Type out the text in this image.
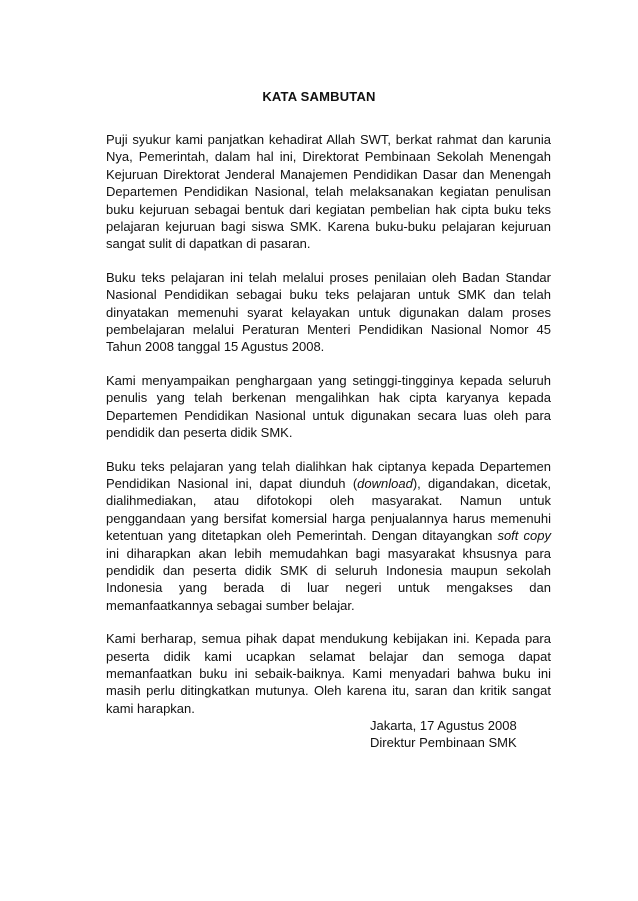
KATA SAMBUTAN

Puji syukur kami panjatkan kehadirat Allah SWT, berkat rahmat dan karunia Nya, Pemerintah, dalam hal ini, Direktorat Pembinaan Sekolah Menengah Kejuruan Direktorat Jenderal Manajemen Pendidikan Dasar dan Menengah Departemen Pendidikan Nasional, telah melaksanakan kegiatan penulisan buku kejuruan sebagai bentuk dari kegiatan pembelian hak cipta buku teks pelajaran kejuruan bagi siswa SMK. Karena buku-buku pelajaran kejuruan sangat sulit di dapatkan di pasaran.

Buku teks pelajaran ini telah melalui proses penilaian oleh Badan Standar Nasional Pendidikan sebagai buku teks pelajaran untuk SMK dan telah dinyatakan memenuhi syarat kelayakan untuk digunakan dalam proses pembelajaran melalui Peraturan Menteri Pendidikan Nasional Nomor 45 Tahun 2008 tanggal 15 Agustus 2008.

Kami menyampaikan penghargaan yang setinggi-tingginya kepada seluruh penulis yang telah berkenan mengalihkan hak cipta karyanya kepada Departemen Pendidikan Nasional untuk digunakan secara luas oleh para pendidik dan peserta didik SMK.

Buku teks pelajaran yang telah dialihkan hak ciptanya kepada Departemen Pendidikan Nasional ini, dapat diunduh (download), digandakan, dicetak, dialihmediakan, atau difotokopi oleh masyarakat. Namun untuk penggandaan yang bersifat komersial harga penjualannya harus memenuhi ketentuan yang ditetapkan oleh Pemerintah. Dengan ditayangkan soft copy ini diharapkan akan lebih memudahkan bagi masyarakat khsusnya para pendidik dan peserta didik SMK di seluruh Indonesia maupun sekolah Indonesia yang berada di luar negeri untuk mengakses dan memanfaatkannya sebagai sumber belajar.

Kami berharap, semua pihak dapat mendukung kebijakan ini. Kepada para peserta didik kami ucapkan selamat belajar dan semoga dapat memanfaatkan buku ini sebaik-baiknya. Kami menyadari bahwa buku ini masih perlu ditingkatkan mutunya. Oleh karena itu, saran dan kritik sangat kami harapkan.

Jakarta, 17 Agustus 2008
Direktur Pembinaan SMK
